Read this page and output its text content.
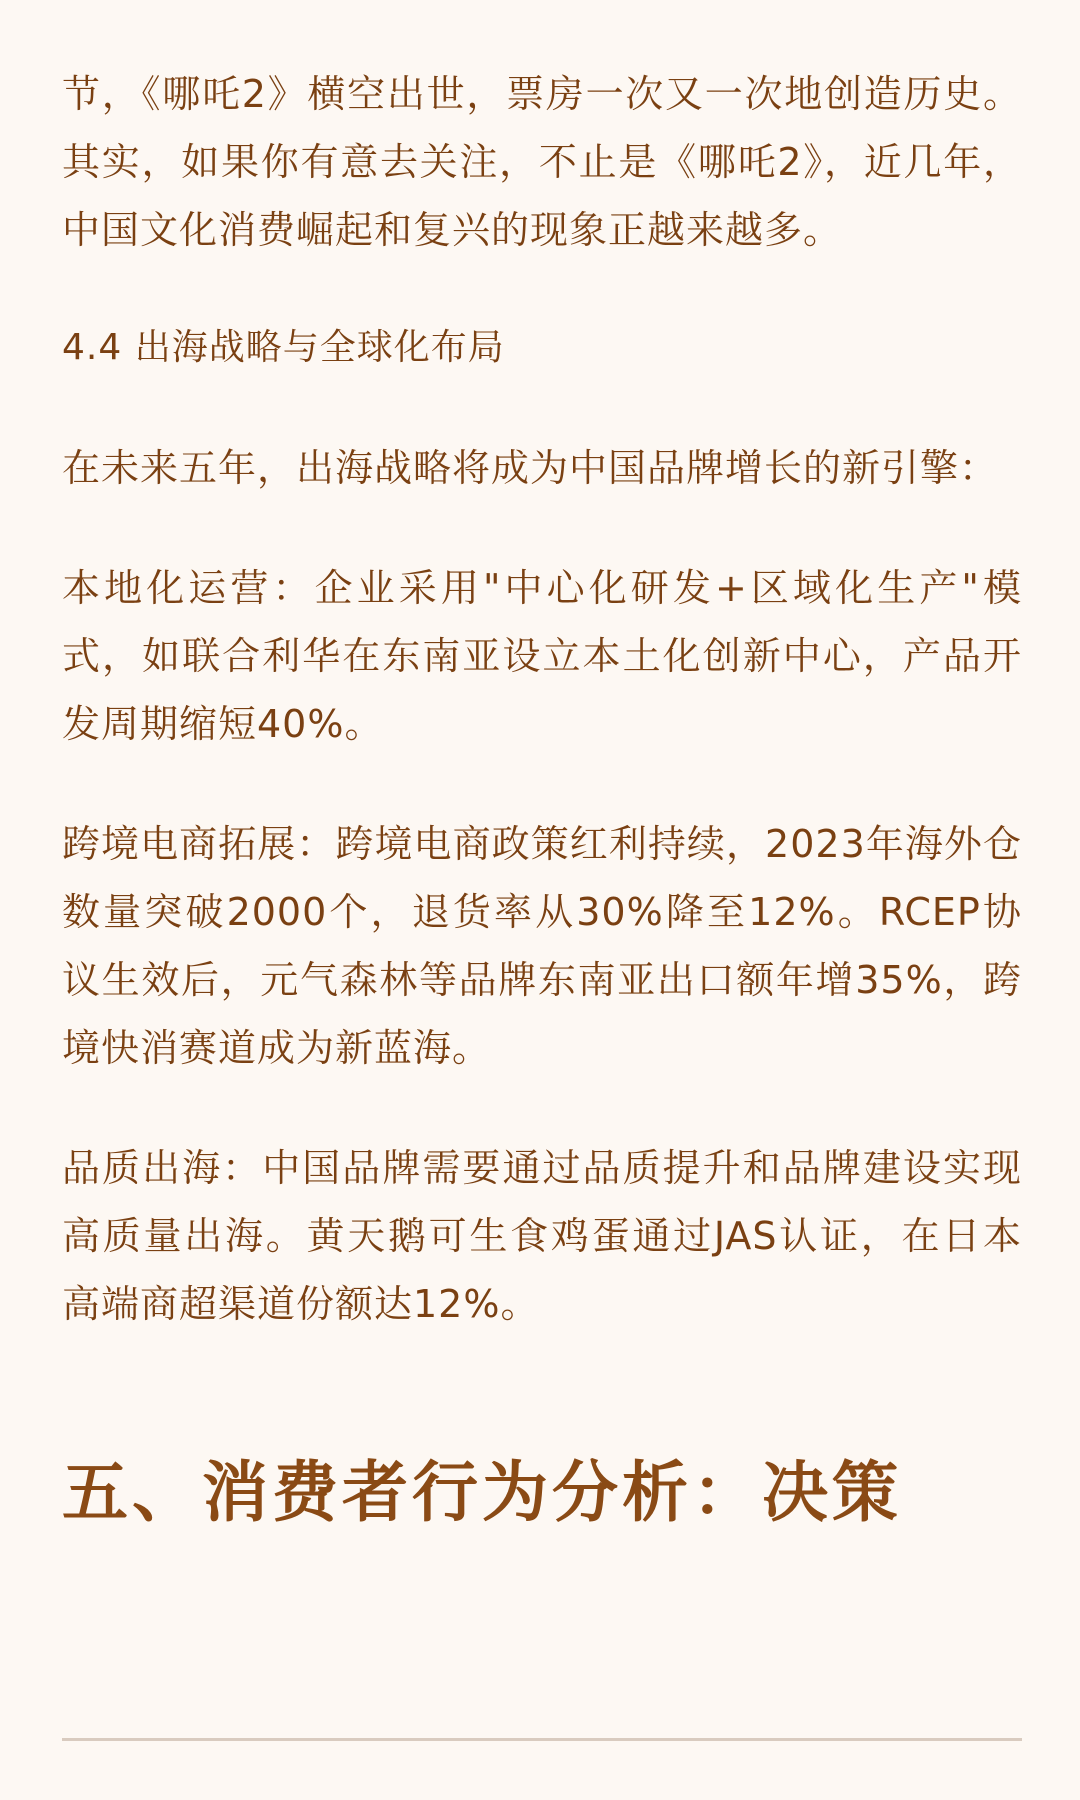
节，《哪吒2》横空出世，票房一次又一次地创造历史。其实，如果你有意去关注，不止是《哪吒2》，近几年，中国文化消费崛起和复兴的现象正越来越多。

4.4 出海战略与全球化布局

在未来五年，出海战略将成为中国品牌增长的新引擎：

本地化运营：企业采用"中心化研发+区域化生产"模式，如联合利华在东南亚设立本土化创新中心，产品开发周期缩短40%。

跨境电商拓展：跨境电商政策红利持续，2023年海外仓数量突破2000个，退货率从30%降至12%。RCEP协议生效后，元气森林等品牌东南亚出口额年增35%，跨境快消赛道成为新蓝海。

品质出海：中国品牌需要通过品质提升和品牌建设实现高质量出海。黄天鹅可生食鸡蛋通过JAS认证，在日本高端商超渠道份额达12%。

五、消费者行为分析：决策
